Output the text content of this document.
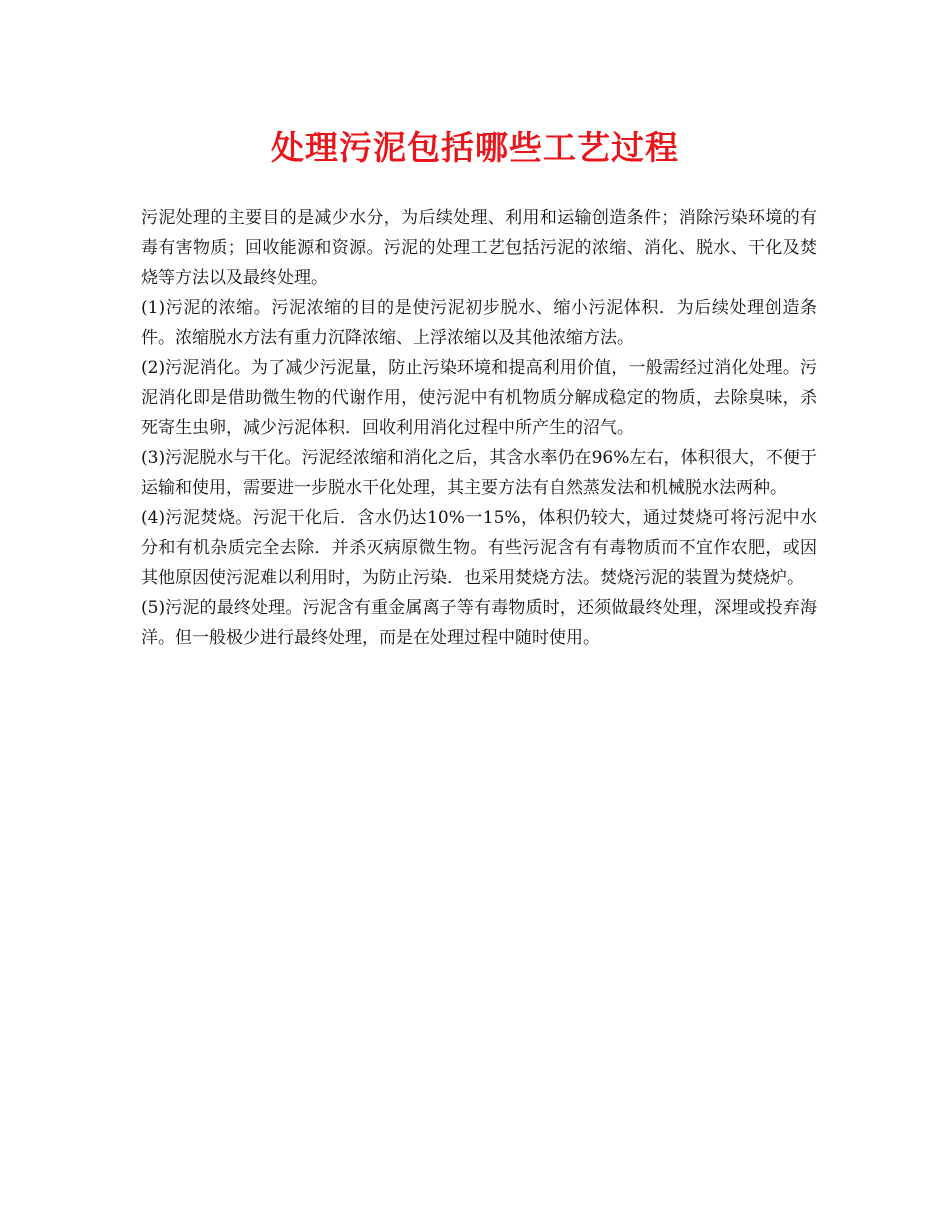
处理污泥包括哪些工艺过程

污泥处理的主要目的是减少水分，为后续处理、利用和运输创造条件；消除污染环境的有毒有害物质；回收能源和资源。污泥的处理工艺包括污泥的浓缩、消化、脱水、干化及焚烧等方法以及最终处理。

(1)污泥的浓缩。污泥浓缩的目的是使污泥初步脱水、缩小污泥体积．为后续处理创造条件。浓缩脱水方法有重力沉降浓缩、上浮浓缩以及其他浓缩方法。

(2)污泥消化。为了减少污泥量，防止污染环境和提高利用价值，一般需经过消化处理。污泥消化即是借助微生物的代谢作用，使污泥中有机物质分解成稳定的物质，去除臭味，杀死寄生虫卵，减少污泥体积．回收利用消化过程中所产生的沼气。

(3)污泥脱水与干化。污泥经浓缩和消化之后，其含水率仍在96%左右，体积很大，不便于运输和使用，需要进一步脱水干化处理，其主要方法有自然蒸发法和机械脱水法两种。

(4)污泥焚烧。污泥干化后．含水仍达10%一15%，体积仍较大，通过焚烧可将污泥中水分和有机杂质完全去除．并杀灭病原微生物。有些污泥含有有毒物质而不宜作农肥，或因其他原因使污泥难以利用时，为防止污染．也采用焚烧方法。焚烧污泥的装置为焚烧炉。

(5)污泥的最终处理。污泥含有重金属离子等有毒物质时，还须做最终处理，深埋或投弃海洋。但一般极少进行最终处理，而是在处理过程中随时使用。
